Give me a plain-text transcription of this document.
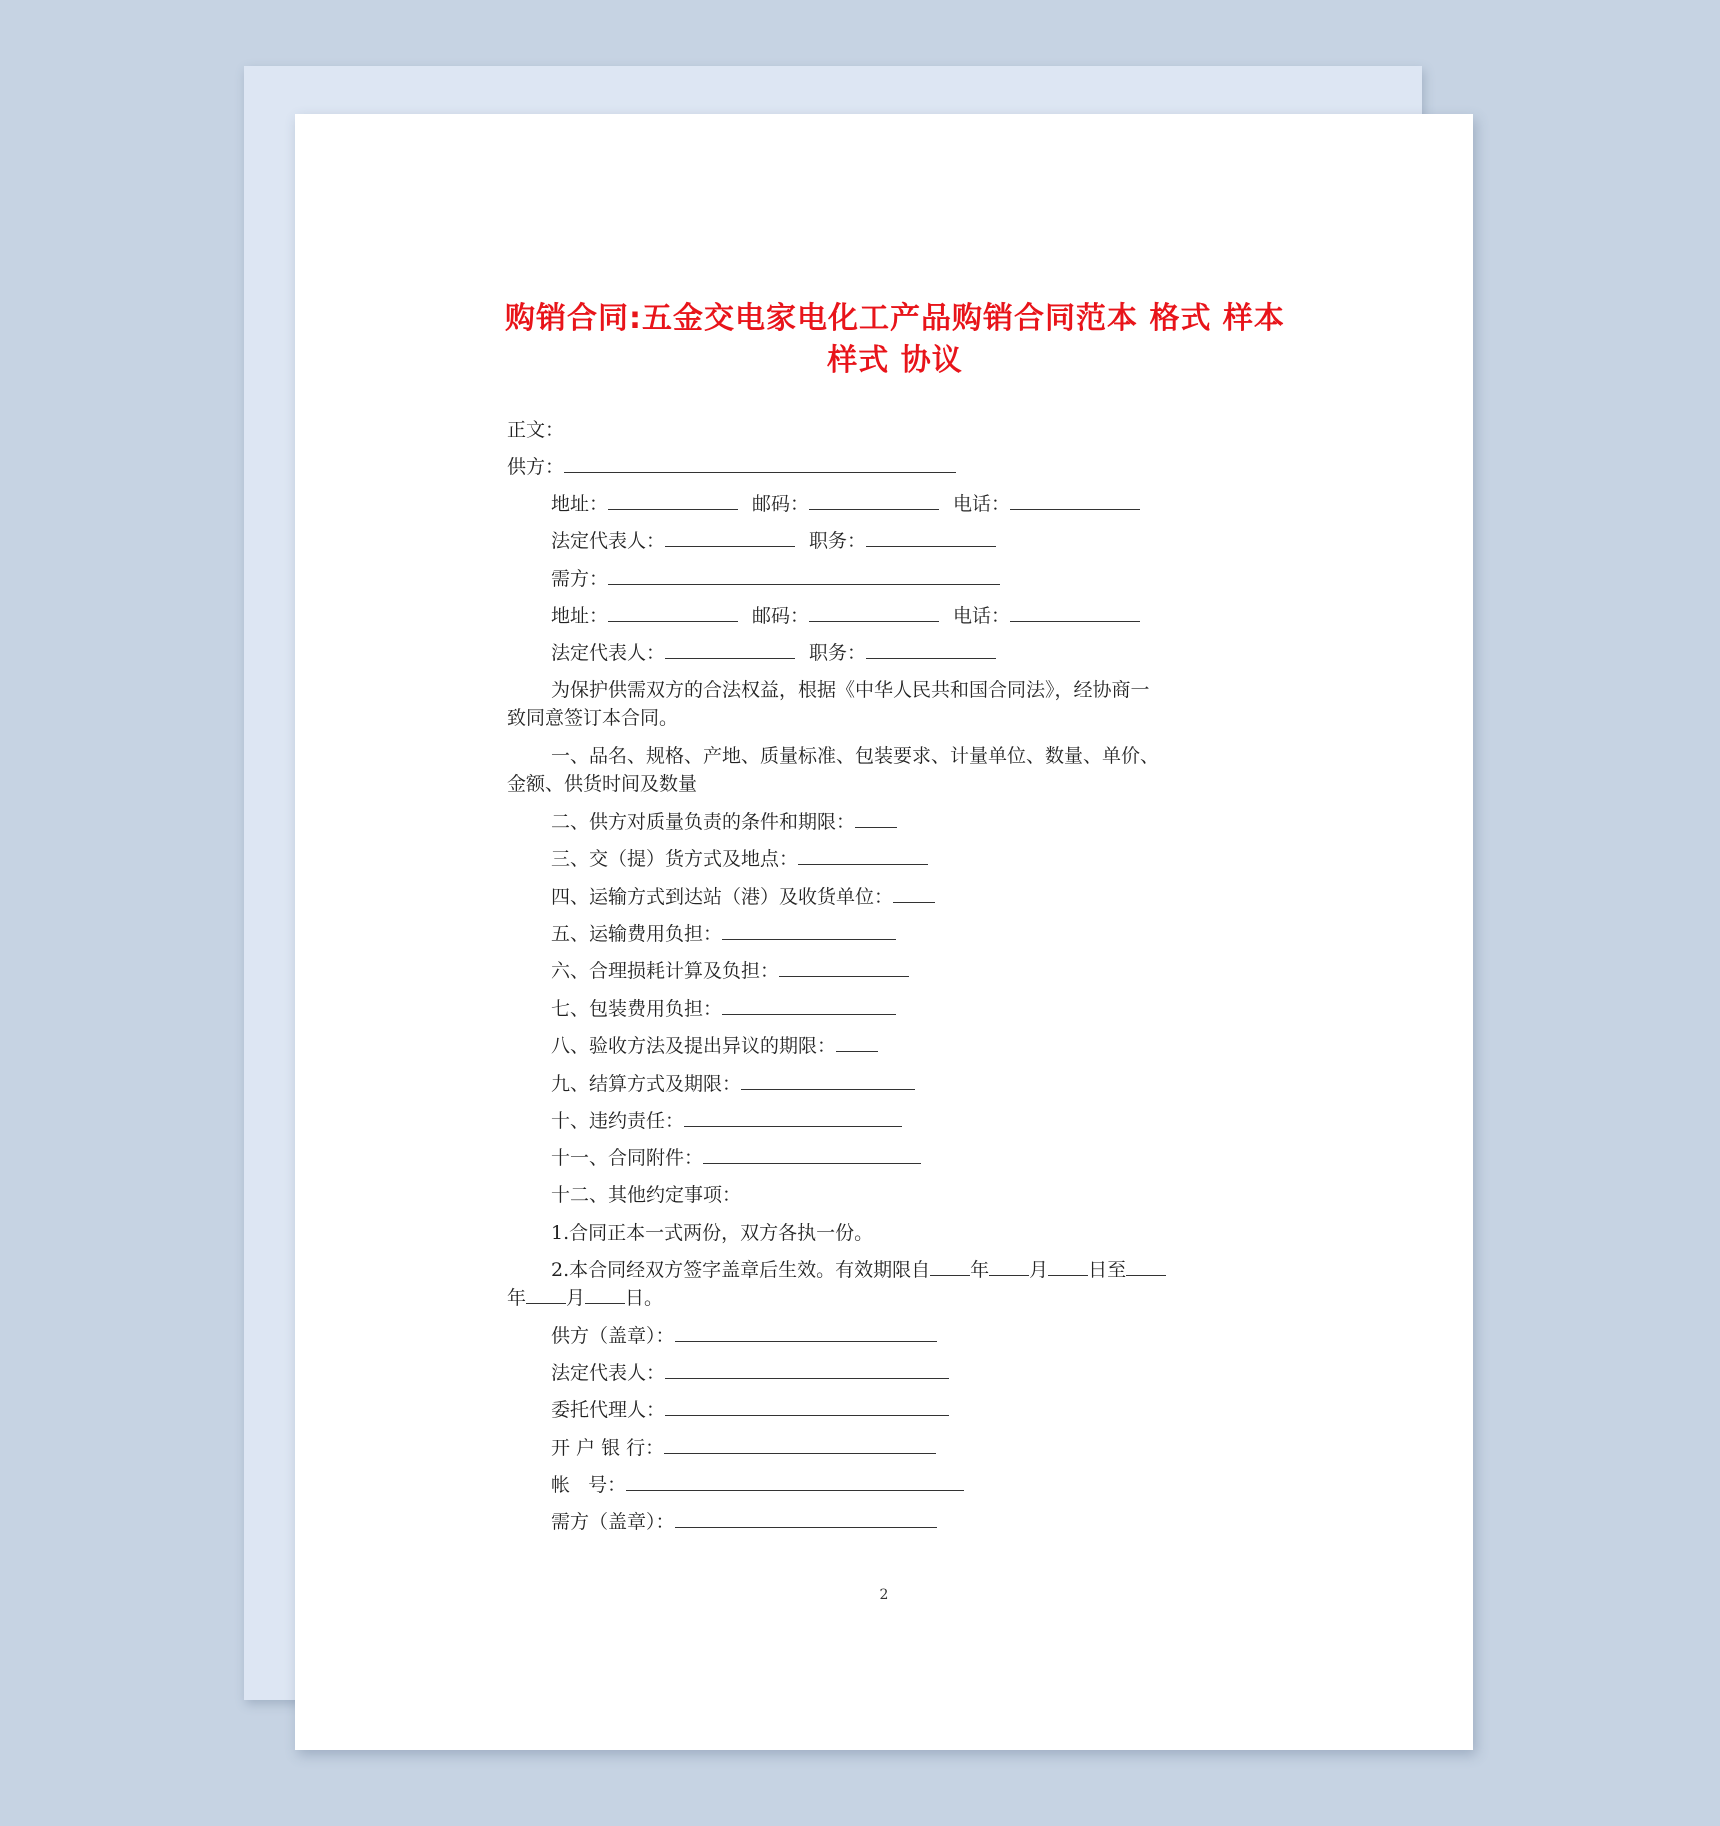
购销合同:五金交电家电化工产品购销合同范本 格式 样本 样式 协议
正文：
供方：
地址：	邮码：	电话：
法定代表人：	职务：
需方：
地址：	邮码：	电话：
法定代表人：	职务：
为保护供需双方的合法权益，根据《中华人民共和国合同法》，经协商一
致同意签订本合同。
一、品名、规格、产地、质量标准、包装要求、计量单位、数量、单价、
金额、供货时间及数量
二、供方对质量负责的条件和期限：
三、交（提）货方式及地点：
四、运输方式到达站（港）及收货单位：
五、运输费用负担：
六、合理损耗计算及负担：
七、包装费用负担：
八、验收方法及提出异议的期限：
九、结算方式及期限：
十、违约责任：
十一、合同附件：
十二、其他约定事项：
1.合同正本一式两份，双方各执一份。
2.本合同经双方签字盖章后生效。有效期限自 年 月 日至
年 月 日。
供方（盖章）：
法定代表人：
委托代理人：
开 户 银 行：
帐   号：
需方（盖章）：
2
